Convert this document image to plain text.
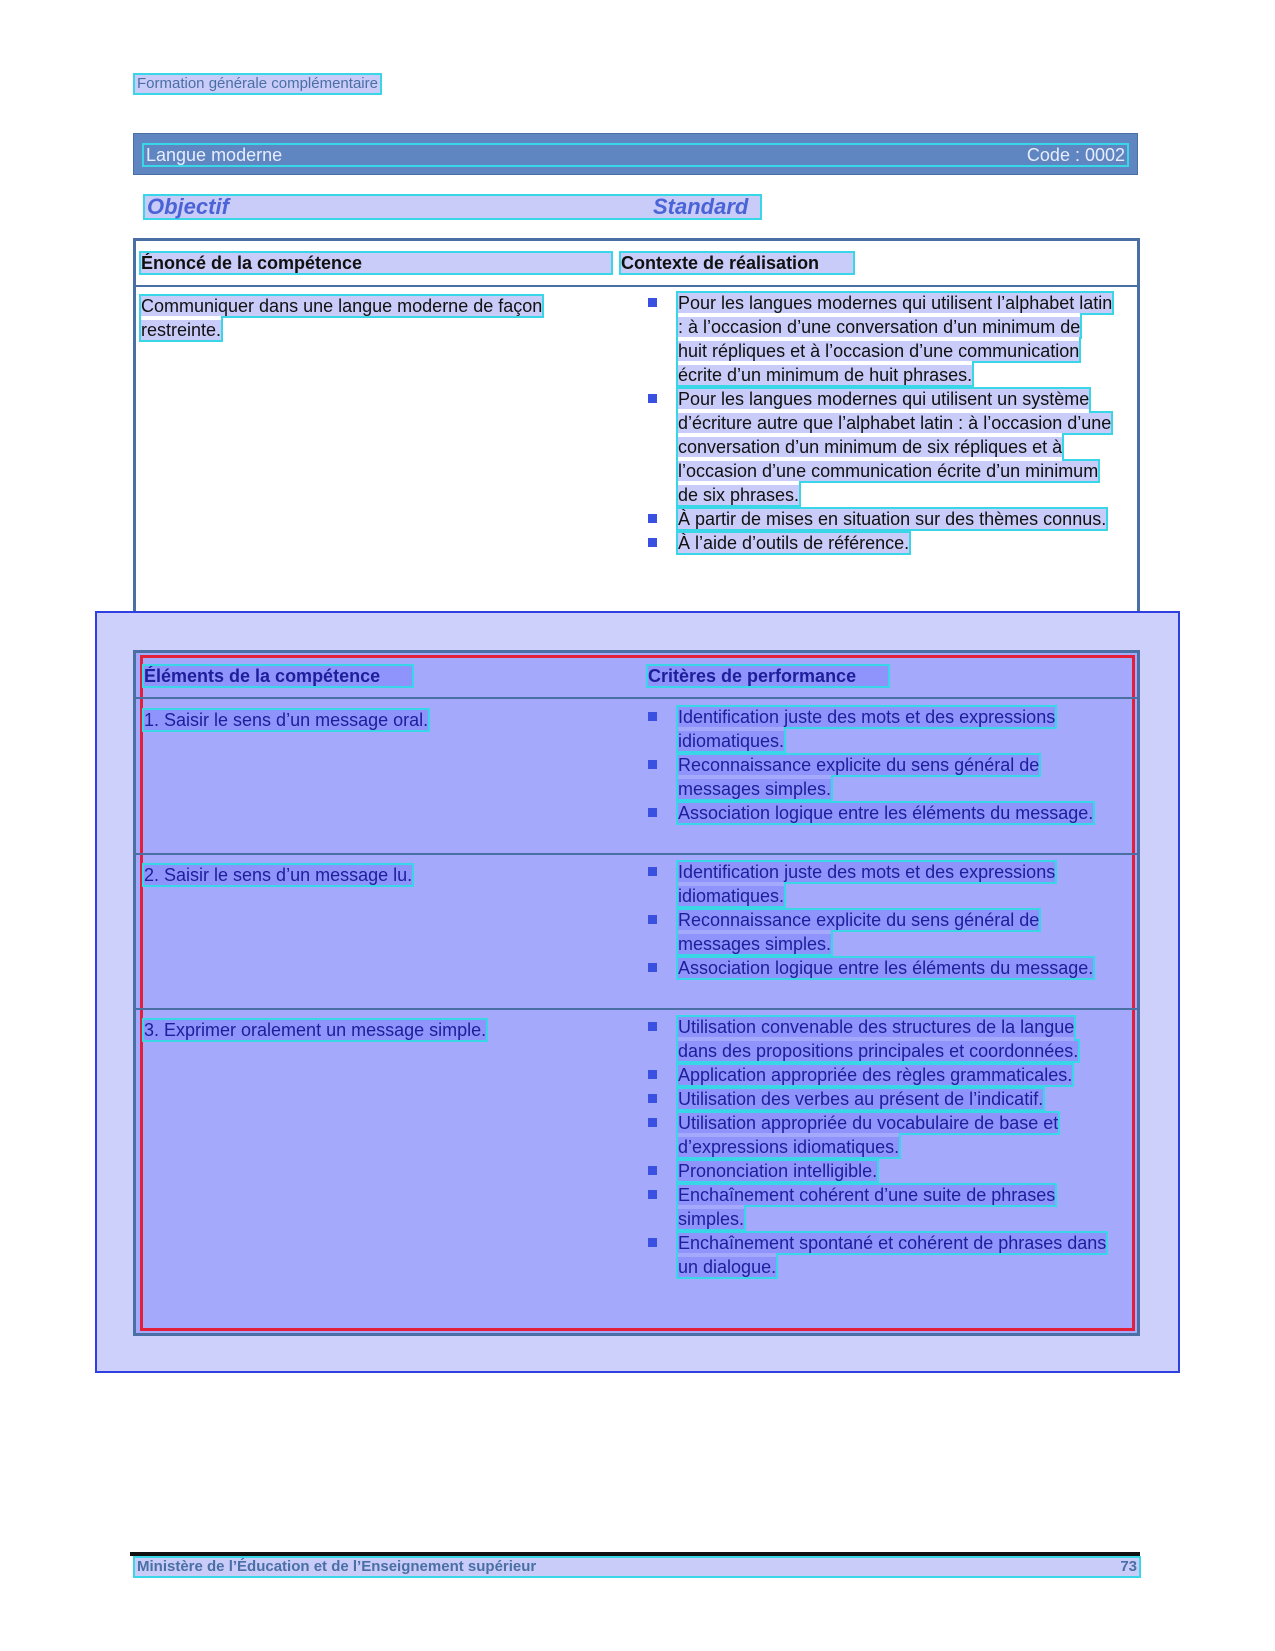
Formation générale complémentaire
Langue moderne	Code : 0002
Objectif	Standard
Énoncé de la compétence	Contexte de réalisation
Communiquer dans une langue moderne de façon restreinte.
Pour les langues modernes qui utilisent l’alphabet latin : à l’occasion d’une conversation d’un minimum de huit répliques et à l’occasion d’une communication écrite d’un minimum de huit phrases.
Pour les langues modernes qui utilisent un système d’écriture autre que l’alphabet latin : à l’occasion d’une conversation d’un minimum de six répliques et à l’occasion d’une communication écrite d’un minimum de six phrases.
À partir de mises en situation sur des thèmes connus.
À l’aide d’outils de référence.
Éléments de la compétence	Critères de performance
1. Saisir le sens d’un message oral.	Identification juste des mots et des expressions idiomatiques.
Reconnaissance explicite du sens général de messages simples.
Association logique entre les éléments du message.
2. Saisir le sens d’un message lu.	Identification juste des mots et des expressions idiomatiques.
Reconnaissance explicite du sens général de messages simples.
Association logique entre les éléments du message.
3. Exprimer oralement un message simple.	Utilisation convenable des structures de la langue dans des propositions principales et coordonnées.
Application appropriée des règles grammaticales.
Utilisation des verbes au présent de l’indicatif.
Utilisation appropriée du vocabulaire de base et d’expressions idiomatiques.
Prononciation intelligible.
Enchaînement cohérent d’une suite de phrases simples.
Enchaînement spontané et cohérent de phrases dans un dialogue.
Ministère de l’Éducation et de l’Enseignement supérieur	73
